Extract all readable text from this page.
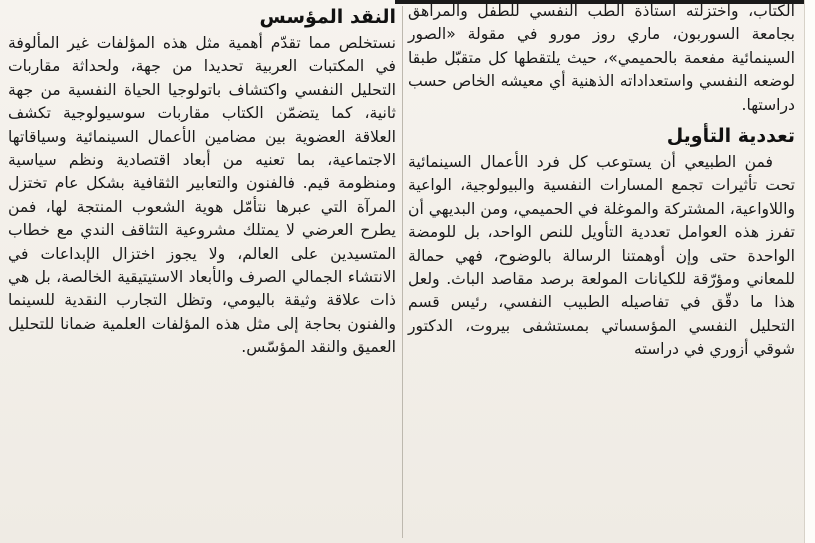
الكتاب، واختزلته أستاذة الطب النفسي للطفل والمراهق بجامعة السوربون، ماري روز مورو في مقولة «الصور السينمائية مفعمة بالحميمي»، حيث يلتقطها كل متقبّل طبقا لوضعه النفسي واستعداداته الذهنية أي معيشه الخاص حسب دراستها.

تعددية التأويل

فمن الطبيعي أن يستوعب كل فرد الأعمال السينمائية تحت تأثيرات تجمع المسارات النفسية والبيولوجية، الواعية واللاواعية، المشتركة والموغلة في الحميمي، ومن البديهي أن تفرز هذه العوامل تعددية التأويل للنص الواحد، بل للومضة الواحدة حتى وإن أوهمتنا الرسالة بالوضوح، فهي حمالة للمعاني ومؤرّقة للكيانات المولعة برصد مقاصد الباث. ولعل هذا ما دقّق في تفاصيله الطبيب النفسي، رئيس قسم التحليل النفسي المؤسساتي بمستشفى بيروت، الدكتور شوقي أزوري في دراسته

النقد المؤسس

نستخلص مما تقدّم أهمية مثل هذه المؤلفات غير المألوفة في المكتبات العربية تحديدا من جهة، ولحداثة مقاربات التحليل النفسي واكتشاف باتولوجيا الحياة النفسية من جهة ثانية، كما يتضمّن الكتاب مقاربات سوسيولوجية تكشف العلاقة العضوية بين مضامين الأعمال السينمائية وسياقاتها الاجتماعية، بما تعنيه من أبعاد اقتصادية ونظم سياسية ومنظومة قيم. فالفنون والتعابير الثقافية بشكل عام تختزل المرآة التي عبرها نتأمّل هوية الشعوب المنتجة لها، فمن يطرح العرضي لا يمتلك مشروعية التثاقف الندي مع خطاب المتسيدين على العالم، ولا يجوز اختزال الإبداعات في الانتشاء الجمالي الصرف والأبعاد الاستيتيقية الخالصة، بل هي ذات علاقة وثيقة باليومي، وتظل التجارب النقدية للسينما والفنون بحاجة إلى مثل هذه المؤلفات العلمية ضمانا للتحليل العميق والنقد المؤسّس.
